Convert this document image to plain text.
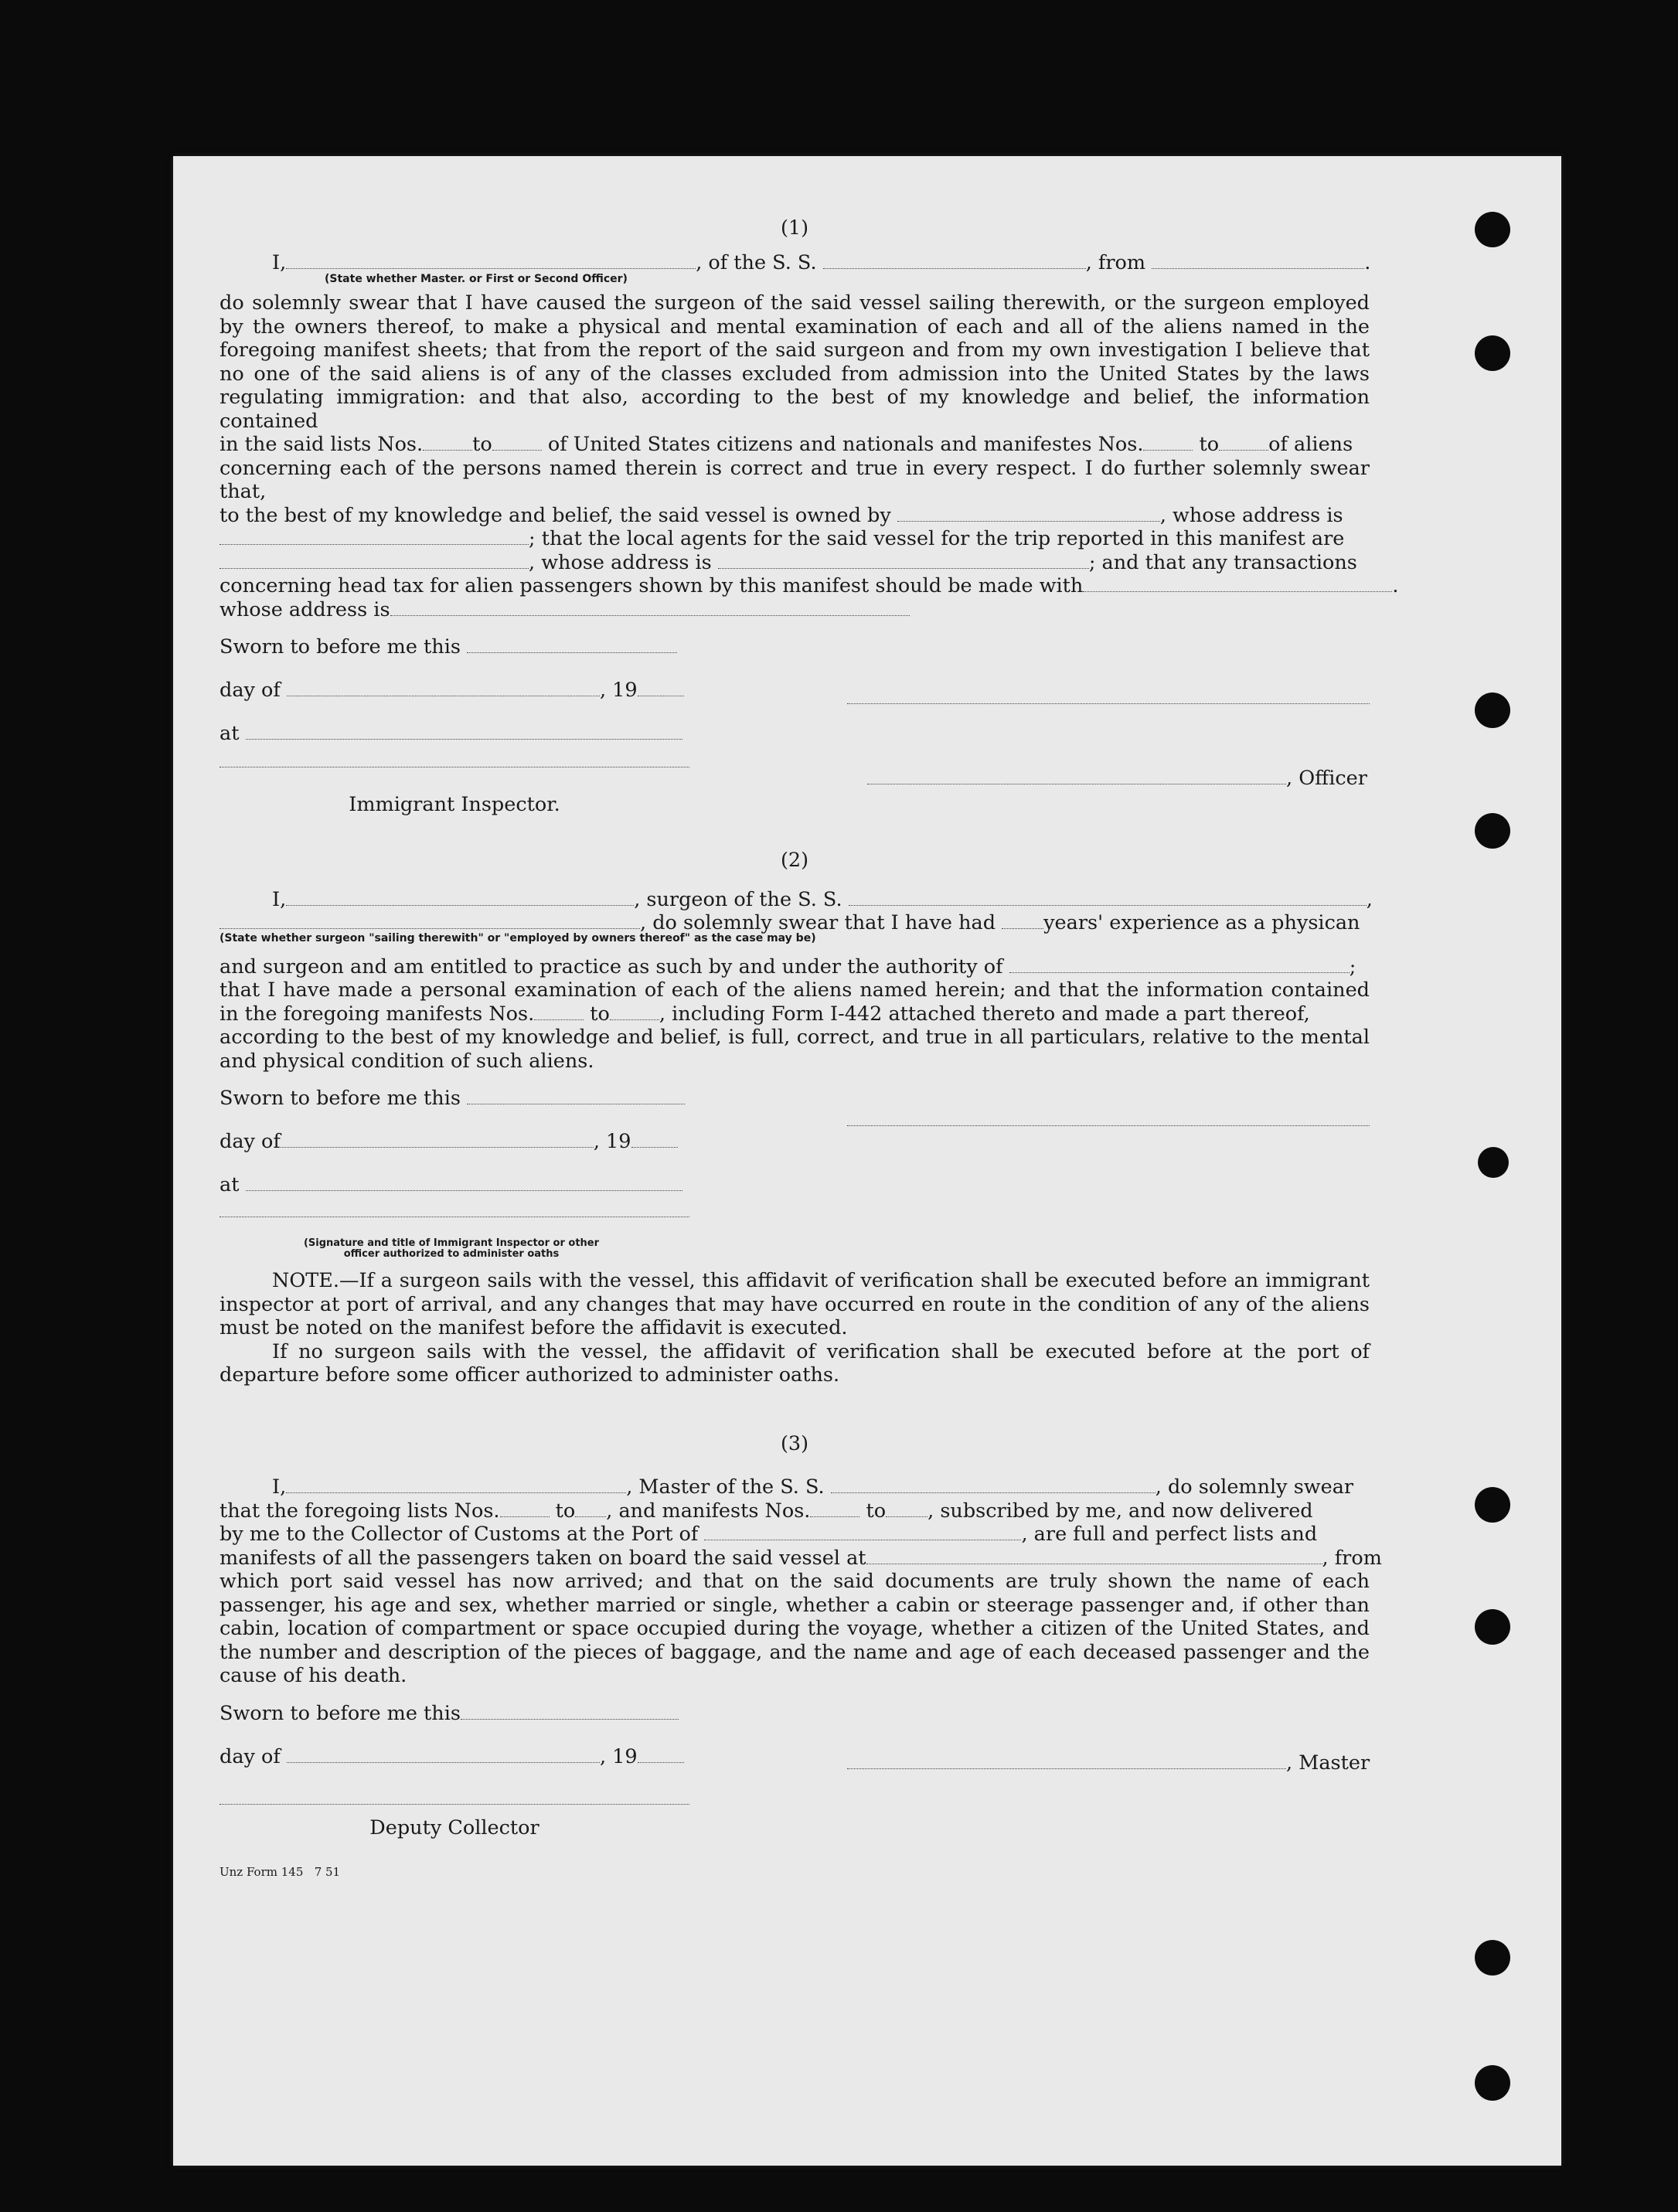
(1)
I,	, of the S. S.	, from	.
(State whether Master. or First or Second Officer)
do solemnly swear that I have caused the surgeon of the said vessel sailing therewith, or the surgeon employed
by the owners thereof, to make a physical and mental examination of each and all of the aliens named in the
foregoing manifest sheets; that from the report of the said surgeon and from my own investigation I believe that
no one of the said aliens is of any of the classes excluded from admission into the United States by the laws
regulating immigration: and that also, according to the best of my knowledge and belief, the information contained
in the said lists Nos.	to	of United States citizens and nationals and manifestes Nos.	to	of aliens
concerning each of the persons named therein is correct and true in every respect. I do further solemnly swear that,
to the best of my knowledge and belief, the said vessel is owned by	, whose address is
; that the local agents for the said vessel for the trip reported in this manifest are
, whose address is	; and that any transactions
concerning head tax for alien passengers shown by this manifest should be made with
whose address is
Sworn to before me this
day of	, 19
at
, Officer
Immigrant Inspector.
(2)
I,	, surgeon of the S. S.	,
, do solemnly swear that I have had years' experience as a physican
(State whether surgeon "sailing therewith" or "employed by owners thereof" as the case may be)
and surgeon and am entitled to practice as such by and under the authority of	;
that I have made a personal examination of each of the aliens named herein; and that the information contained
in the foregoing manifests Nos.	to	, including Form I-442 attached thereto and made a part thereof,
according to the best of my knowledge and belief, is full, correct, and true in all particulars, relative to the mental
and physical condition of such aliens.
Sworn to before me this
day of	, 19
at
(Signature and title of Immigrant Inspector or other
officer authorized to administer oaths
NOTE.—If a surgeon sails with the vessel, this affidavit of verification shall be executed before an immigrant inspector at port of arrival, and any changes that may have occurred en route in the condition of any of the aliens must be noted on the manifest before the affidavit is executed.
If no surgeon sails with the vessel, the affidavit of verification shall be executed before at the port of departure before some officer authorized to administer oaths.
(3)
I,	, Master of the S. S.	, do solemnly swear
that the foregoing lists Nos.	to , and manifests Nos.	to , subscribed by me, and now delivered
by me to the Collector of Customs at the Port of	, are full and perfect lists and
manifests of all the passengers taken on board the said vessel at	, from
which port said vessel has now arrived; and that on the said documents are truly shown the name of each passenger, his age and sex, whether married or single, whether a cabin or steerage passenger and, if other than cabin, location of compartment or space occupied during the voyage, whether a citizen of the United States, and the number and description of the pieces of baggage, and the name and age of each deceased passenger and the cause of his death.
Sworn to before me this
day of	, 19	, Master
Deputy Collector
Unz Form 145   7 51
